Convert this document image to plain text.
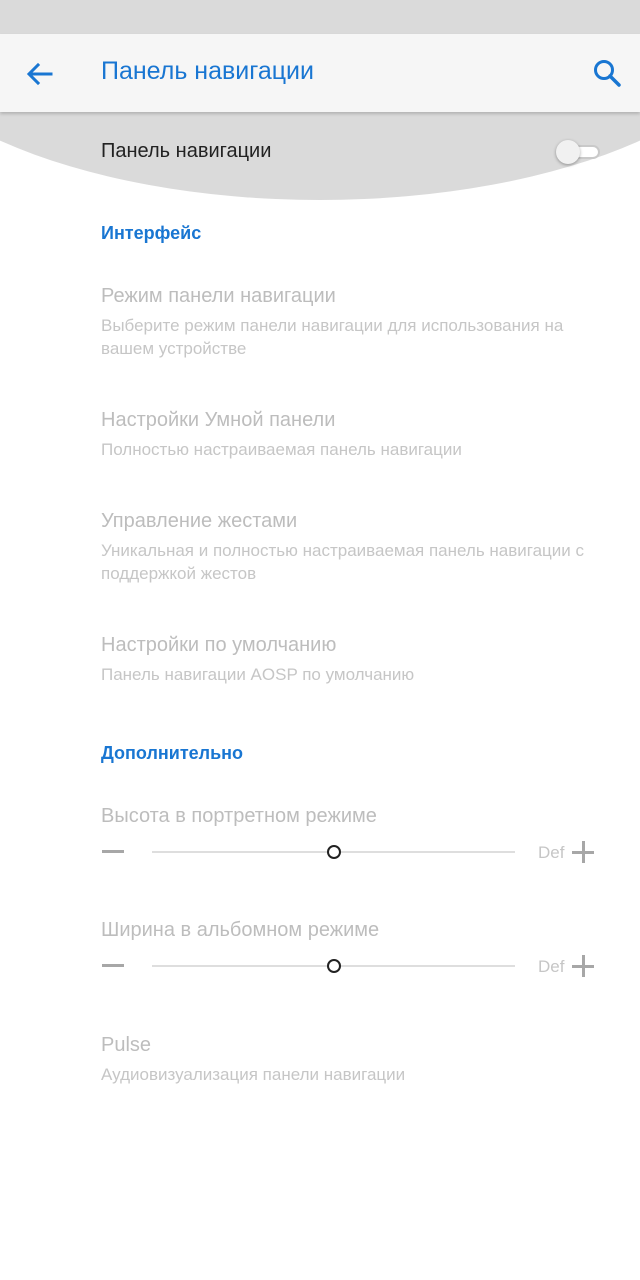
Панель навигации
Панель навигации
Интерфейс
Режим панели навигации
Выберите режим панели навигации для использования на вашем устройстве
Настройки Умной панели
Полностью настраиваемая панель навигации
Управление жестами
Уникальная и полностью настраиваемая панель навигации с поддержкой жестов
Настройки по умолчанию
Панель навигации AOSP по умолчанию
Дополнительно
Высота в портретном режиме
Def
Ширина в альбомном режиме
Def
Pulse
Аудиовизуализация панели навигации
